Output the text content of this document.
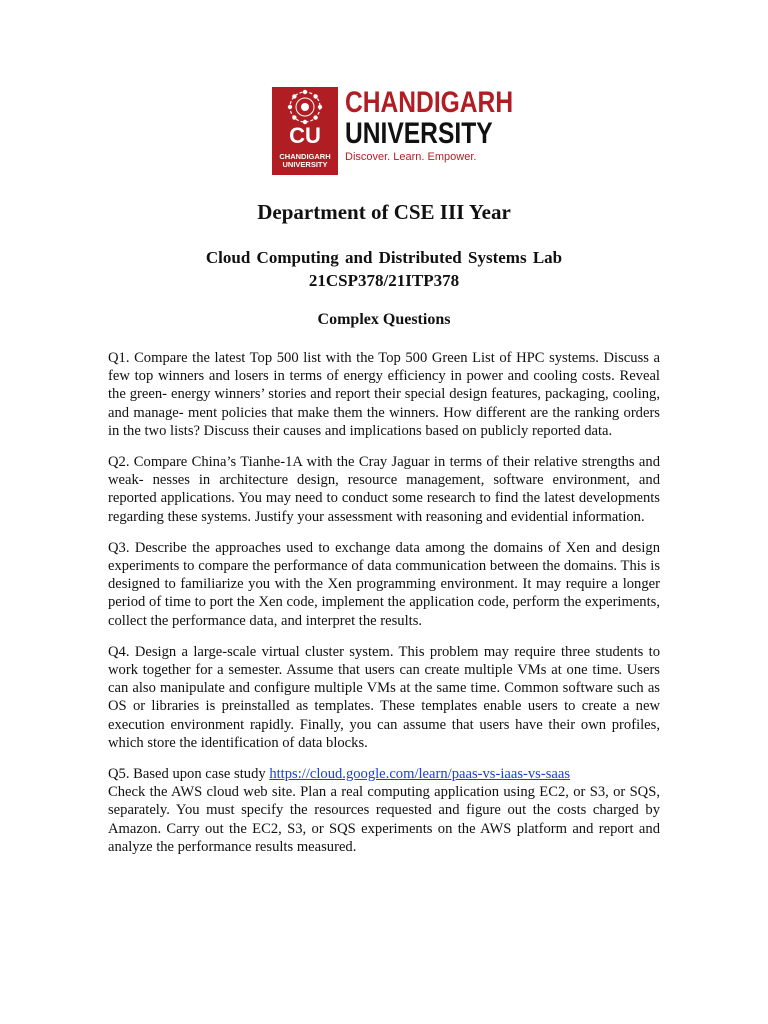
CU
CHANDIGARH
UNIVERSITY
CHANDIGARH
UNIVERSITY
Discover. Learn. Empower.
Department of CSE III Year
Cloud Computing and Distributed Systems Lab
21CSP378/21ITP378
Complex Questions

Q1. Compare the latest Top 500 list with the Top 500 Green List of HPC systems. Discuss a few top winners and losers in terms of energy efficiency in power and cooling costs. Reveal the green- energy winners’ stories and report their special design features, packaging, cooling, and manage- ment policies that make them the winners. How different are the ranking orders in the two lists? Discuss their causes and implications based on publicly reported data.

Q2. Compare China’s Tianhe-1A with the Cray Jaguar in terms of their relative strengths and weak- nesses in architecture design, resource management, software environment, and reported applications. You may need to conduct some research to find the latest developments regarding these systems. Justify your assessment with reasoning and evidential information.

Q3. Describe the approaches used to exchange data among the domains of Xen and design experiments to compare the performance of data communication between the domains. This is designed to familiarize you with the Xen programming environment. It may require a longer period of time to port the Xen code, implement the application code, perform the experiments, collect the performance data, and interpret the results.

Q4. Design a large-scale virtual cluster system. This problem may require three students to work together for a semester. Assume that users can create multiple VMs at one time. Users can also manipulate and configure multiple VMs at the same time. Common software such as OS or libraries is preinstalled as templates. These templates enable users to create a new execution environment rapidly. Finally, you can assume that users have their own profiles, which store the identification of data blocks.

Q5. Based upon case study https://cloud.google.com/learn/paas-vs-iaas-vs-saas
Check the AWS cloud web site. Plan a real computing application using EC2, or S3, or SQS, separately. You must specify the resources requested and figure out the costs charged by Amazon. Carry out the EC2, S3, or SQS experiments on the AWS platform and report and analyze the performance results measured.
